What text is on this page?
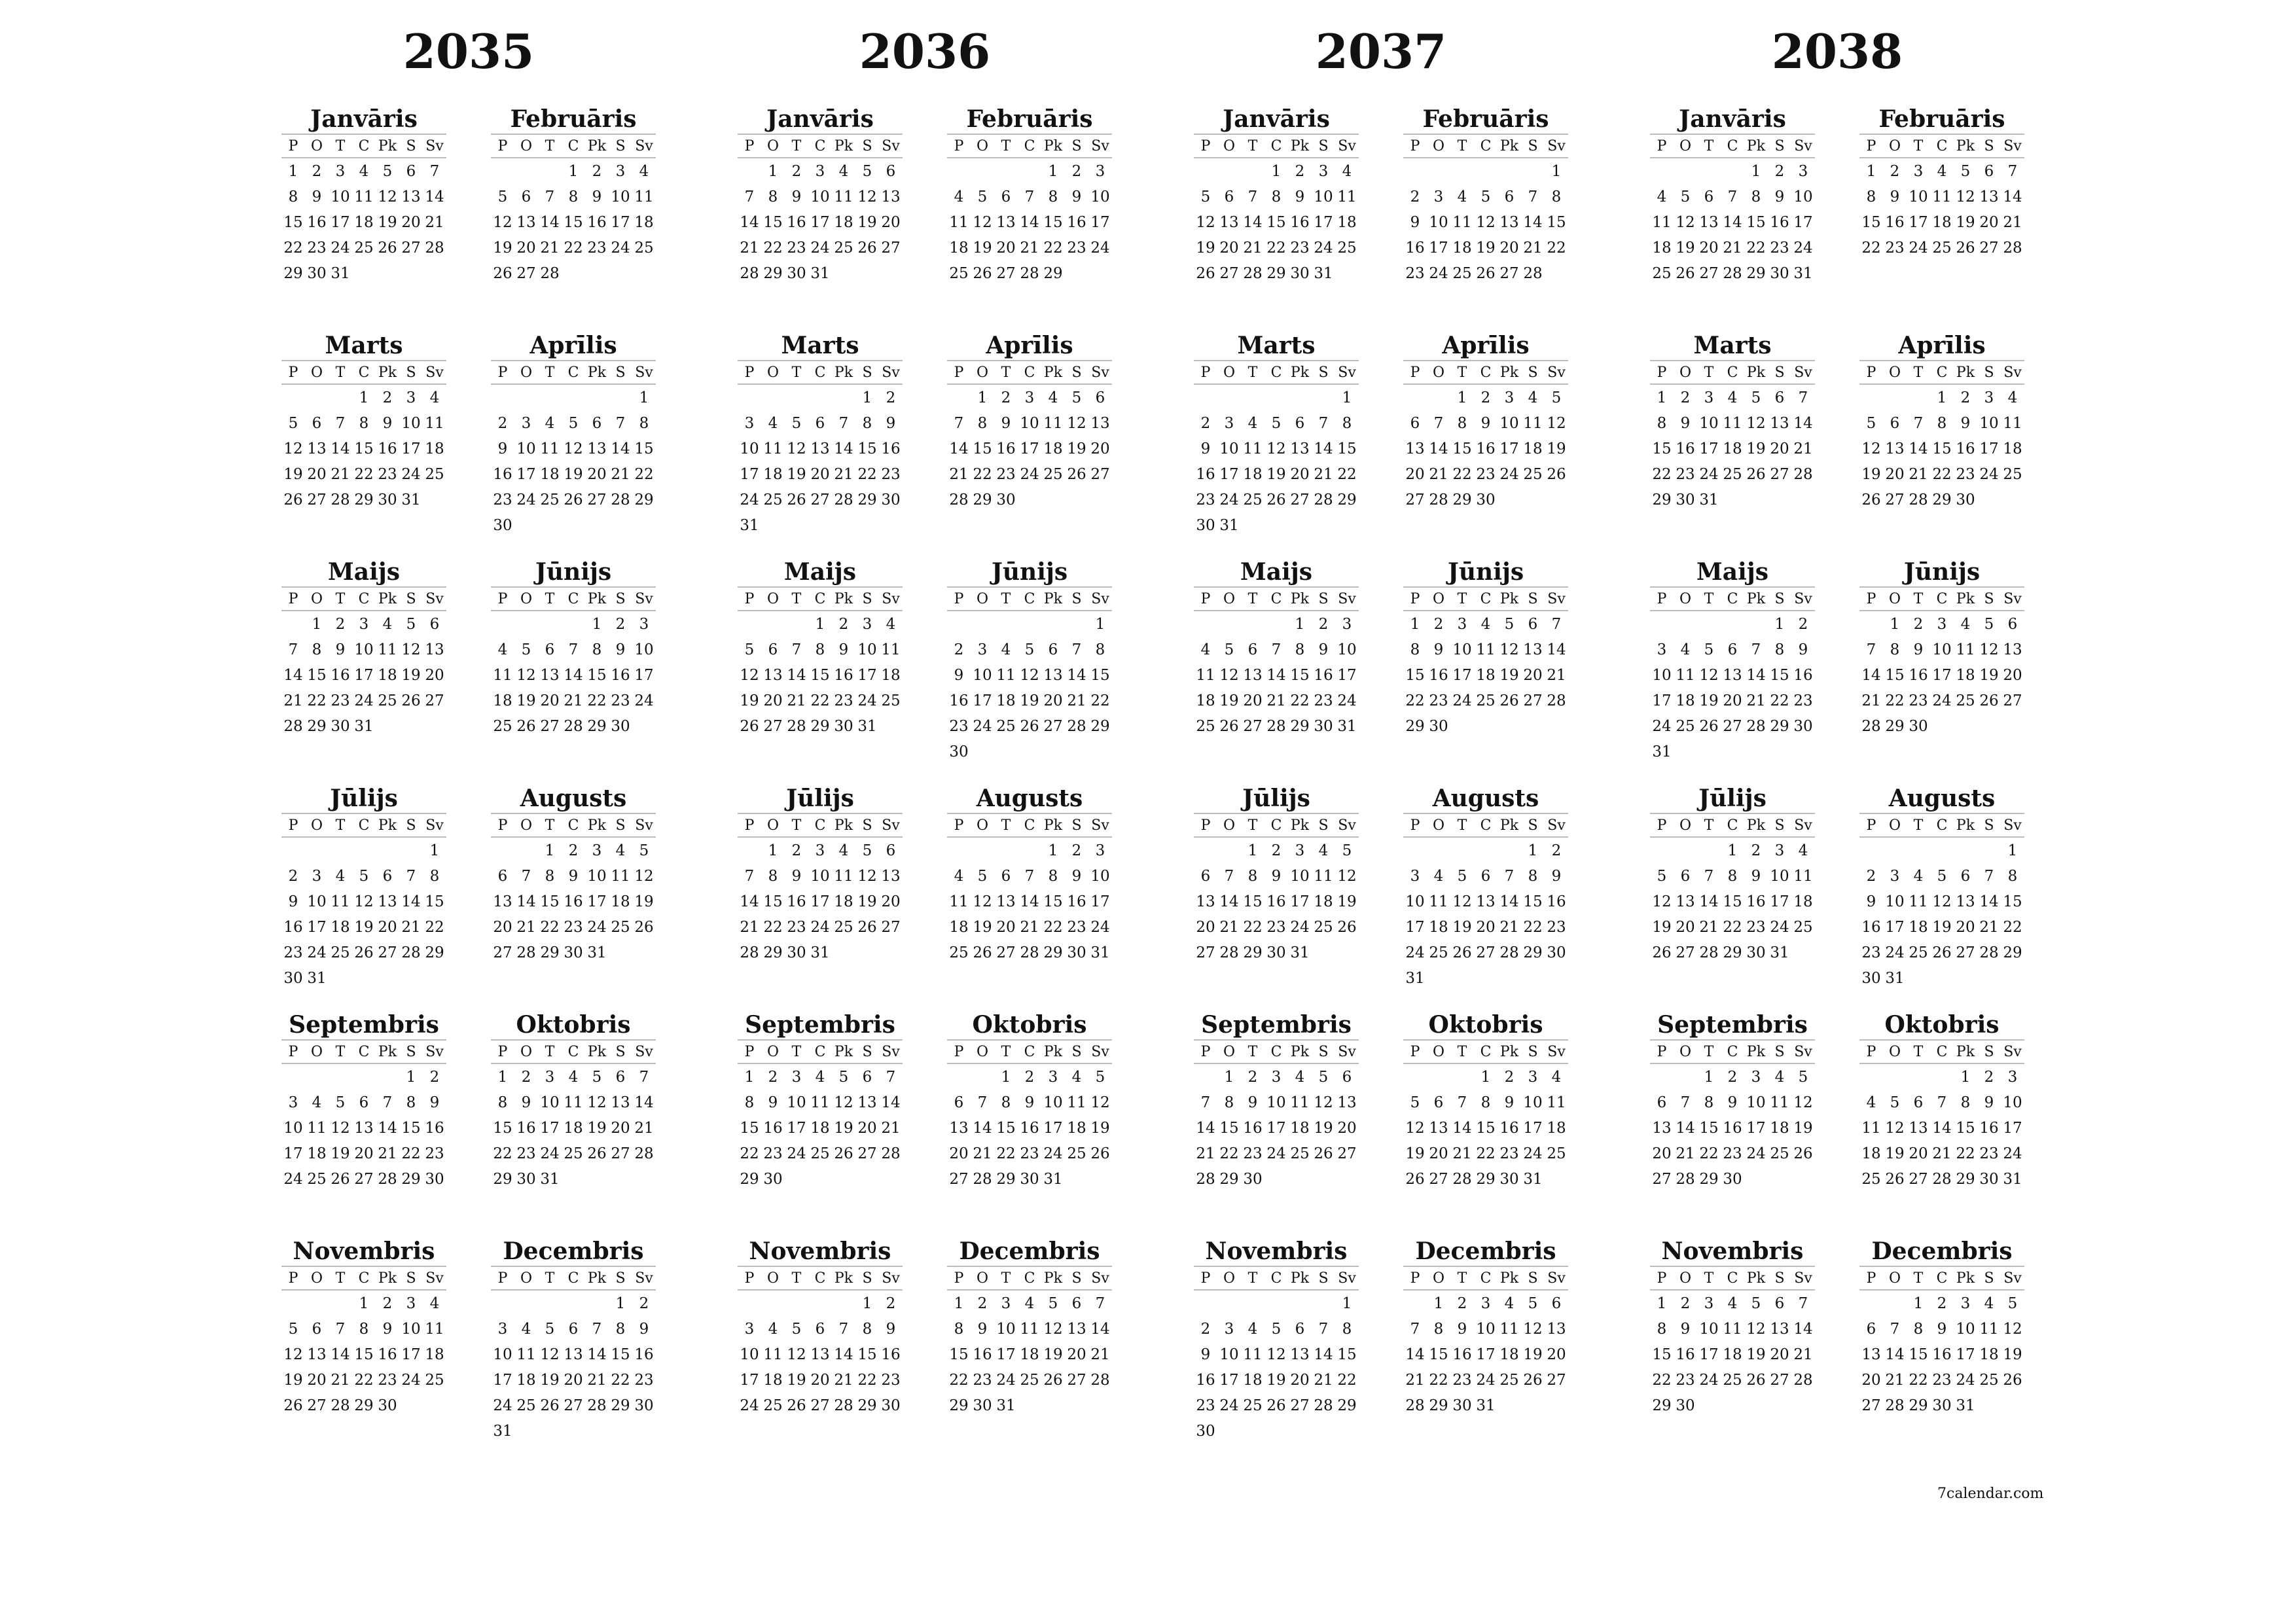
2035
Janvāris
P	O	T	C	Pk	S	Sv
1	2	3	4	5	6	7
8	9	10	11	12	13	14
15	16	17	18	19	20	21
22	23	24	25	26	27	28
29	30	31				
Februāris
P	O	T	C	Pk	S	Sv
			1	2	3	4
5	6	7	8	9	10	11
12	13	14	15	16	17	18
19	20	21	22	23	24	25
26	27	28				
Marts
P	O	T	C	Pk	S	Sv
			1	2	3	4
5	6	7	8	9	10	11
12	13	14	15	16	17	18
19	20	21	22	23	24	25
26	27	28	29	30	31	
Aprīlis
P	O	T	C	Pk	S	Sv
						1
2	3	4	5	6	7	8
9	10	11	12	13	14	15
16	17	18	19	20	21	22
23	24	25	26	27	28	29
30						
Maijs
P	O	T	C	Pk	S	Sv
	1	2	3	4	5	6
7	8	9	10	11	12	13
14	15	16	17	18	19	20
21	22	23	24	25	26	27
28	29	30	31			
Jūnijs
P	O	T	C	Pk	S	Sv
				1	2	3
4	5	6	7	8	9	10
11	12	13	14	15	16	17
18	19	20	21	22	23	24
25	26	27	28	29	30	
Jūlijs
P	O	T	C	Pk	S	Sv
						1
2	3	4	5	6	7	8
9	10	11	12	13	14	15
16	17	18	19	20	21	22
23	24	25	26	27	28	29
30	31					
Augusts
P	O	T	C	Pk	S	Sv
		1	2	3	4	5
6	7	8	9	10	11	12
13	14	15	16	17	18	19
20	21	22	23	24	25	26
27	28	29	30	31		
Septembris
P	O	T	C	Pk	S	Sv
					1	2
3	4	5	6	7	8	9
10	11	12	13	14	15	16
17	18	19	20	21	22	23
24	25	26	27	28	29	30
Oktobris
P	O	T	C	Pk	S	Sv
1	2	3	4	5	6	7
8	9	10	11	12	13	14
15	16	17	18	19	20	21
22	23	24	25	26	27	28
29	30	31				
Novembris
P	O	T	C	Pk	S	Sv
			1	2	3	4
5	6	7	8	9	10	11
12	13	14	15	16	17	18
19	20	21	22	23	24	25
26	27	28	29	30		
Decembris
P	O	T	C	Pk	S	Sv
					1	2
3	4	5	6	7	8	9
10	11	12	13	14	15	16
17	18	19	20	21	22	23
24	25	26	27	28	29	30
31						
2036
Janvāris
P	O	T	C	Pk	S	Sv
	1	2	3	4	5	6
7	8	9	10	11	12	13
14	15	16	17	18	19	20
21	22	23	24	25	26	27
28	29	30	31			
Februāris
P	O	T	C	Pk	S	Sv
				1	2	3
4	5	6	7	8	9	10
11	12	13	14	15	16	17
18	19	20	21	22	23	24
25	26	27	28	29		
Marts
P	O	T	C	Pk	S	Sv
					1	2
3	4	5	6	7	8	9
10	11	12	13	14	15	16
17	18	19	20	21	22	23
24	25	26	27	28	29	30
31						
Aprīlis
P	O	T	C	Pk	S	Sv
	1	2	3	4	5	6
7	8	9	10	11	12	13
14	15	16	17	18	19	20
21	22	23	24	25	26	27
28	29	30				
Maijs
P	O	T	C	Pk	S	Sv
			1	2	3	4
5	6	7	8	9	10	11
12	13	14	15	16	17	18
19	20	21	22	23	24	25
26	27	28	29	30	31	
Jūnijs
P	O	T	C	Pk	S	Sv
						1
2	3	4	5	6	7	8
9	10	11	12	13	14	15
16	17	18	19	20	21	22
23	24	25	26	27	28	29
30						
Jūlijs
P	O	T	C	Pk	S	Sv
	1	2	3	4	5	6
7	8	9	10	11	12	13
14	15	16	17	18	19	20
21	22	23	24	25	26	27
28	29	30	31			
Augusts
P	O	T	C	Pk	S	Sv
				1	2	3
4	5	6	7	8	9	10
11	12	13	14	15	16	17
18	19	20	21	22	23	24
25	26	27	28	29	30	31
Septembris
P	O	T	C	Pk	S	Sv
1	2	3	4	5	6	7
8	9	10	11	12	13	14
15	16	17	18	19	20	21
22	23	24	25	26	27	28
29	30					
Oktobris
P	O	T	C	Pk	S	Sv
		1	2	3	4	5
6	7	8	9	10	11	12
13	14	15	16	17	18	19
20	21	22	23	24	25	26
27	28	29	30	31		
Novembris
P	O	T	C	Pk	S	Sv
					1	2
3	4	5	6	7	8	9
10	11	12	13	14	15	16
17	18	19	20	21	22	23
24	25	26	27	28	29	30
Decembris
P	O	T	C	Pk	S	Sv
1	2	3	4	5	6	7
8	9	10	11	12	13	14
15	16	17	18	19	20	21
22	23	24	25	26	27	28
29	30	31				
2037
Janvāris
P	O	T	C	Pk	S	Sv
			1	2	3	4
5	6	7	8	9	10	11
12	13	14	15	16	17	18
19	20	21	22	23	24	25
26	27	28	29	30	31	
Februāris
P	O	T	C	Pk	S	Sv
						1
2	3	4	5	6	7	8
9	10	11	12	13	14	15
16	17	18	19	20	21	22
23	24	25	26	27	28	
Marts
P	O	T	C	Pk	S	Sv
						1
2	3	4	5	6	7	8
9	10	11	12	13	14	15
16	17	18	19	20	21	22
23	24	25	26	27	28	29
30	31					
Aprīlis
P	O	T	C	Pk	S	Sv
		1	2	3	4	5
6	7	8	9	10	11	12
13	14	15	16	17	18	19
20	21	22	23	24	25	26
27	28	29	30			
Maijs
P	O	T	C	Pk	S	Sv
				1	2	3
4	5	6	7	8	9	10
11	12	13	14	15	16	17
18	19	20	21	22	23	24
25	26	27	28	29	30	31
Jūnijs
P	O	T	C	Pk	S	Sv
1	2	3	4	5	6	7
8	9	10	11	12	13	14
15	16	17	18	19	20	21
22	23	24	25	26	27	28
29	30					
Jūlijs
P	O	T	C	Pk	S	Sv
		1	2	3	4	5
6	7	8	9	10	11	12
13	14	15	16	17	18	19
20	21	22	23	24	25	26
27	28	29	30	31		
Augusts
P	O	T	C	Pk	S	Sv
					1	2
3	4	5	6	7	8	9
10	11	12	13	14	15	16
17	18	19	20	21	22	23
24	25	26	27	28	29	30
31						
Septembris
P	O	T	C	Pk	S	Sv
	1	2	3	4	5	6
7	8	9	10	11	12	13
14	15	16	17	18	19	20
21	22	23	24	25	26	27
28	29	30				
Oktobris
P	O	T	C	Pk	S	Sv
			1	2	3	4
5	6	7	8	9	10	11
12	13	14	15	16	17	18
19	20	21	22	23	24	25
26	27	28	29	30	31	
Novembris
P	O	T	C	Pk	S	Sv
						1
2	3	4	5	6	7	8
9	10	11	12	13	14	15
16	17	18	19	20	21	22
23	24	25	26	27	28	29
30						
Decembris
P	O	T	C	Pk	S	Sv
	1	2	3	4	5	6
7	8	9	10	11	12	13
14	15	16	17	18	19	20
21	22	23	24	25	26	27
28	29	30	31			
2038
Janvāris
P	O	T	C	Pk	S	Sv
				1	2	3
4	5	6	7	8	9	10
11	12	13	14	15	16	17
18	19	20	21	22	23	24
25	26	27	28	29	30	31
Februāris
P	O	T	C	Pk	S	Sv
1	2	3	4	5	6	7
8	9	10	11	12	13	14
15	16	17	18	19	20	21
22	23	24	25	26	27	28
Marts
P	O	T	C	Pk	S	Sv
1	2	3	4	5	6	7
8	9	10	11	12	13	14
15	16	17	18	19	20	21
22	23	24	25	26	27	28
29	30	31				
Aprīlis
P	O	T	C	Pk	S	Sv
			1	2	3	4
5	6	7	8	9	10	11
12	13	14	15	16	17	18
19	20	21	22	23	24	25
26	27	28	29	30		
Maijs
P	O	T	C	Pk	S	Sv
					1	2
3	4	5	6	7	8	9
10	11	12	13	14	15	16
17	18	19	20	21	22	23
24	25	26	27	28	29	30
31						
Jūnijs
P	O	T	C	Pk	S	Sv
	1	2	3	4	5	6
7	8	9	10	11	12	13
14	15	16	17	18	19	20
21	22	23	24	25	26	27
28	29	30				
Jūlijs
P	O	T	C	Pk	S	Sv
			1	2	3	4
5	6	7	8	9	10	11
12	13	14	15	16	17	18
19	20	21	22	23	24	25
26	27	28	29	30	31	
Augusts
P	O	T	C	Pk	S	Sv
						1
2	3	4	5	6	7	8
9	10	11	12	13	14	15
16	17	18	19	20	21	22
23	24	25	26	27	28	29
30	31					
Septembris
P	O	T	C	Pk	S	Sv
		1	2	3	4	5
6	7	8	9	10	11	12
13	14	15	16	17	18	19
20	21	22	23	24	25	26
27	28	29	30			
Oktobris
P	O	T	C	Pk	S	Sv
				1	2	3
4	5	6	7	8	9	10
11	12	13	14	15	16	17
18	19	20	21	22	23	24
25	26	27	28	29	30	31
Novembris
P	O	T	C	Pk	S	Sv
1	2	3	4	5	6	7
8	9	10	11	12	13	14
15	16	17	18	19	20	21
22	23	24	25	26	27	28
29	30					
Decembris
P	O	T	C	Pk	S	Sv
		1	2	3	4	5
6	7	8	9	10	11	12
13	14	15	16	17	18	19
20	21	22	23	24	25	26
27	28	29	30	31		
7calendar.com
